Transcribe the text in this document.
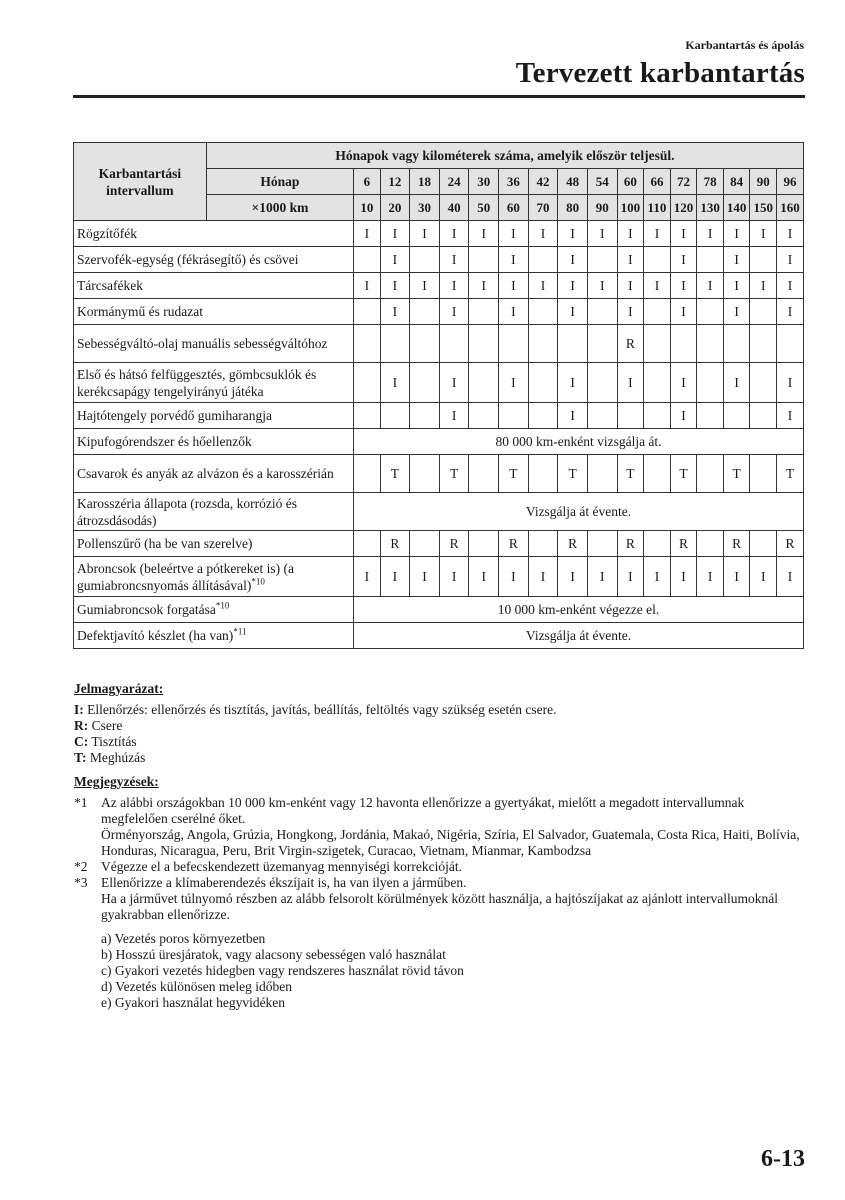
Karbantartás és ápolás
Tervezett karbantartás
Karbantartási intervallum	Hónapok vagy kilométerek száma, amelyik először teljesül.																
	Hónap	6	12	18	24	30	36	42	48	54	60	66	72	78	84	90	96
	×1000 km	10	20	30	40	50	60	70	80	90	100	110	120	130	140	150	160
Rögzítőfék		I	I	I	I	I	I	I	I	I	I	I	I	I	I	I	I
Szervofék-egység (fékrásegítő) és csövei			I		I		I		I		I		I		I		I
Tárcsafékek		I	I	I	I	I	I	I	I	I	I	I	I	I	I	I	I
Kormánymű és rudazat			I		I		I		I		I		I		I		I
Sebességváltó-olaj manuális sebességváltóhoz											R						
Első és hátsó felfüggesztés, gömbcsuklók és kerékcsapágy tengelyirányú játéka			I		I		I		I		I		I		I		I
Hajtótengely porvédő gumiharangja					I				I				I				I
Kipufogórendszer és hőellenzők		80 000 km-enként vizsgálja át.															
Csavarok és anyák az alvázon és a karosszérián			T		T		T		T		T		T		T		T
Karosszéria állapota (rozsda, korrózió és átrozsdásodás)		Vizsgálja át évente.															
Pollenszűrő (ha be van szerelve)			R		R		R		R		R		R		R		R
Abroncsok (beleértve a pótkereket is) (a gumiabroncsnyomás állításával)$^{*10}$		I	I	I	I	I	I	I	I	I	I	I	I	I	I	I	I
Gumiabroncsok forgatása$^{*10}$		10 000 km-enként végezze el.															
Defektjavító készlet (ha van)$^{*11}$		Vizsgálja át évente.															
Jelmagyarázat:
I: Ellenőrzés: ellenőrzés és tisztítás, javítás, beállítás, feltöltés vagy szükség esetén csere.
R: Csere
C: Tisztítás
T: Meghúzás
Megjegyzések:
*1	Az alábbi országokban 10 000 km-enként vagy 12 havonta ellenőrizze a gyertyákat, mielőtt a megadott intervallumnak megfelelően cserélné őket.
Örményország, Angola, Grúzia, Hongkong, Jordánia, Makaó, Nigéria, Szíria, El Salvador, Guatemala, Costa Rica, Haiti, Bolívia, Honduras, Nicaragua, Peru, Brit Virgin-szigetek, Curacao, Vietnam, Mianmar, Kambodzsa
*2	Végezze el a befecskendezett üzemanyag mennyiségi korrekcióját.
*3	Ellenőrizze a klímaberendezés ékszíjait is, ha van ilyen a járműben.
Ha a járművet túlnyomó részben az alább felsorolt körülmények között használja, a hajtószíjakat az ajánlott intervallumoknál gyakrabban ellenőrizze.
a) Vezetés poros környezetben
b) Hosszú üresjáratok, vagy alacsony sebességen való használat
c) Gyakori vezetés hidegben vagy rendszeres használat rövid távon
d) Vezetés különösen meleg időben
e) Gyakori használat hegyvidéken
6-13
